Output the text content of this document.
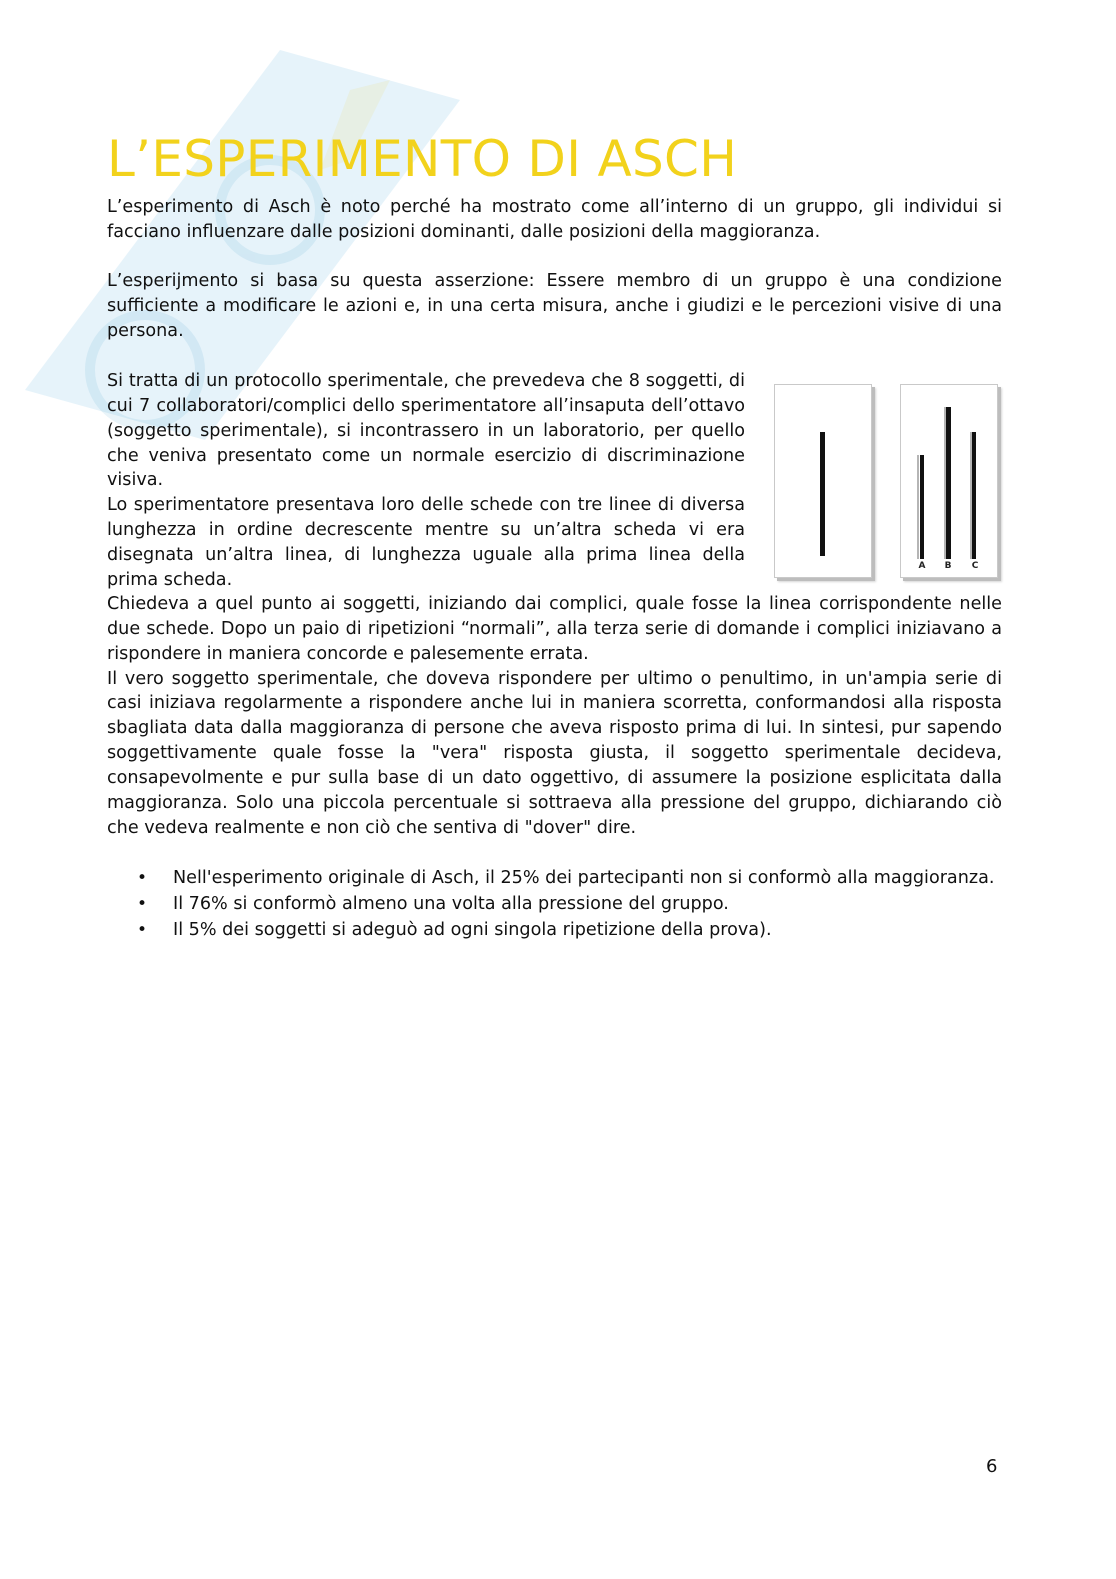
L’ESPERIMENTO DI ASCH

L’esperimento di Asch è noto perché ha mostrato come all’interno di un gruppo, gli individui si facciano influenzare dalle posizioni dominanti, dalle posizioni della maggioranza.

L’esperijmento si basa su questa asserzione: Essere membro di un gruppo è una condizione sufficiente a modificare le azioni e, in una certa misura, anche i giudizi e le percezioni visive di una persona.

Si tratta di un protocollo sperimentale, che prevedeva che 8 soggetti, di cui 7 collaboratori/complici dello sperimentatore all’insaputa dell’ottavo (soggetto sperimentale), si incontrassero in un laboratorio, per quello che veniva presentato come un normale esercizio di discriminazione visiva.
Lo sperimentatore presentava loro delle schede con tre linee di diversa lunghezza in ordine decrescente mentre su un’altra scheda vi era disegnata un’altra linea, di lunghezza uguale alla prima linea della prima scheda.
A	B	C
Chiedeva a quel punto ai soggetti, iniziando dai complici, quale fosse la linea corrispondente nelle due schede. Dopo un paio di ripetizioni “normali”, alla terza serie di domande i complici iniziavano a rispondere in maniera concorde e palesemente errata.
Il vero soggetto sperimentale, che doveva rispondere per ultimo o penultimo, in un'ampia serie di casi iniziava regolarmente a rispondere anche lui in maniera scorretta, conformandosi alla risposta sbagliata data dalla maggioranza di persone che aveva risposto prima di lui. In sintesi, pur sapendo soggettivamente quale fosse la "vera" risposta giusta, il soggetto sperimentale decideva, consapevolmente e pur sulla base di un dato oggettivo, di assumere la posizione esplicitata dalla maggioranza. Solo una piccola percentuale si sottraeva alla pressione del gruppo, dichiarando ciò che vedeva realmente e non ciò che sentiva di "dover" dire.
• Nell'esperimento originale di Asch, il 25% dei partecipanti non si conformò alla maggioranza.
• Il 76% si conformò almeno una volta alla pressione del gruppo.
• Il 5% dei soggetti si adeguò ad ogni singola ripetizione della prova).
6
